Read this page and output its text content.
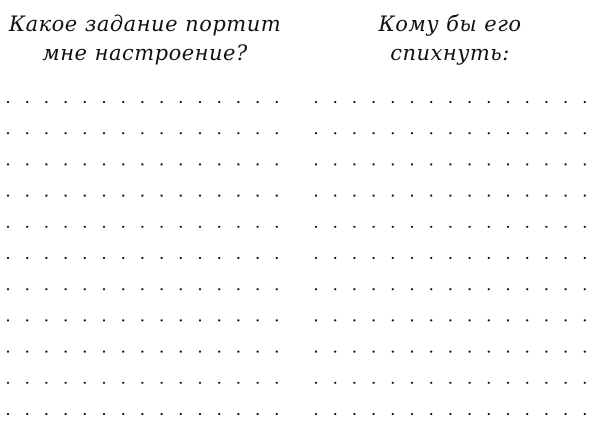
Какое задание портит
мне настроение?
Кому бы его
спихнуть:
